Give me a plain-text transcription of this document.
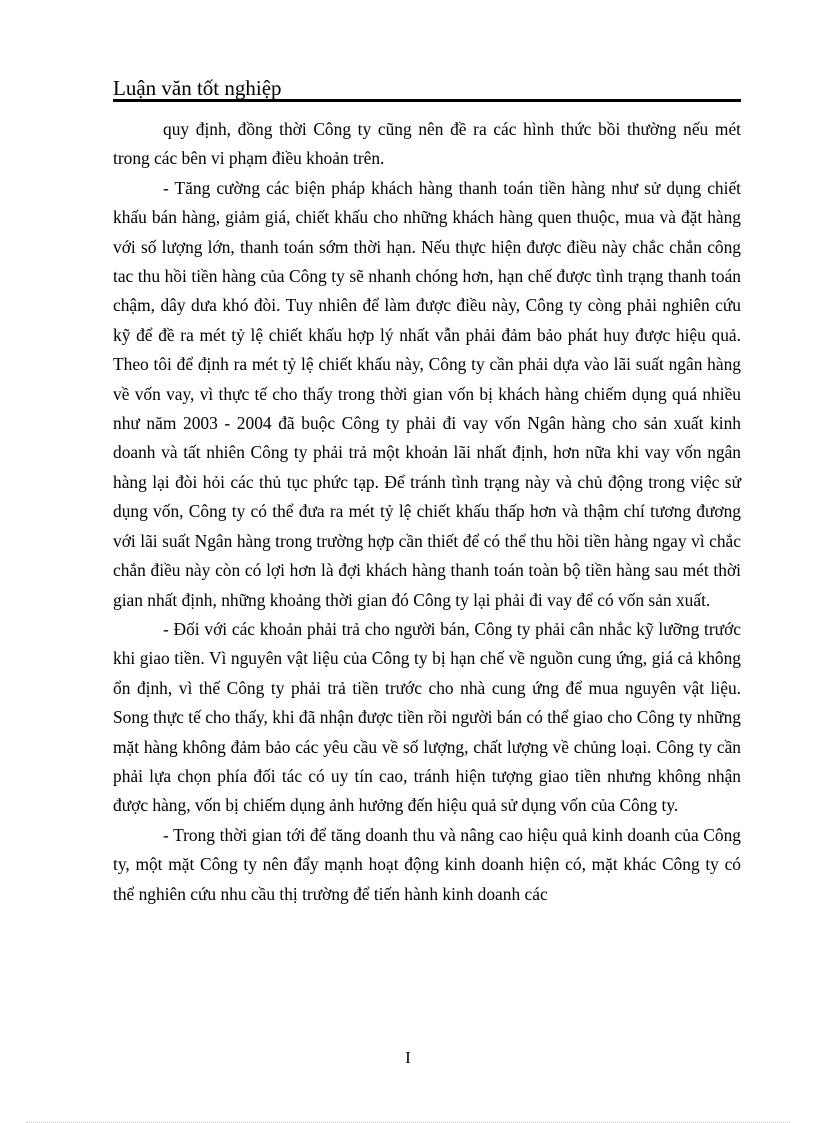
Luận văn tốt nghiệp

quy định, đồng thời Công ty cũng nên đề ra các hình thức bồi thường nếu mét trong các bên vi phạm điều khoản trên.

- Tăng cường các biện pháp khách hàng thanh toán tiền hàng như sử dụng chiết khấu bán hàng, giảm giá, chiết khấu cho những khách hàng quen thuộc, mua và đặt hàng với số lượng lớn, thanh toán sớm thời hạn. Nếu thực hiện được điều này chắc chắn công tac thu hồi tiền hàng của Công ty sẽ nhanh chóng hơn, hạn chế được tình trạng thanh toán chậm, dây dưa khó đòi. Tuy nhiên để làm được điều này, Công ty còng phải nghiên cứu kỹ để đề ra mét tỷ lệ chiết khấu hợp lý nhất vẫn phải đảm bảo phát huy được hiệu quả. Theo tôi để định ra mét tỷ lệ chiết khấu này, Công ty cần phải dựa vào lãi suất ngân hàng về vốn vay, vì thực tế cho thấy trong thời gian vốn bị khách hàng chiếm dụng quá nhiều như năm 2003 - 2004 đã buộc Công ty phải đi vay vốn Ngân hàng cho sản xuất kinh doanh và tất nhiên Công ty phải trả một khoản lãi nhất định, hơn nữa khi vay vốn ngân hàng lại đòi hỏi các thủ tục phức tạp. Để tránh tình trạng này và chủ động trong việc sử dụng vốn, Công ty có thể đưa ra mét tỷ lệ chiết khấu thấp hơn và thậm chí tương đương với lãi suất Ngân hàng trong trường hợp cần thiết để có thể thu hồi tiền hàng ngay vì chắc chắn điều này còn có lợi hơn là đợi khách hàng thanh toán toàn bộ tiền hàng sau mét thời gian nhất định, những khoảng thời gian đó Công ty lại phải đi vay để có vốn sản xuất.

- Đối với các khoản phải trả cho người bán, Công ty phải cân nhắc kỹ lưỡng trước khi giao tiền. Vì nguyên vật liệu của Công ty bị hạn chế về nguồn cung ứng, giá cả không ổn định, vì thế Công ty phải trả tiền trước cho nhà cung ứng để mua nguyên vật liệu. Song thực tế cho thấy, khi đã nhận được tiền rồi người bán có thể giao cho Công ty những mặt hàng không đảm bảo các yêu cầu về số lượng, chất lượng về chủng loại. Công ty cần phải lựa chọn phía đối tác có uy tín cao, tránh hiện tượng giao tiền nhưng không nhận được hàng, vốn bị chiếm dụng ảnh hưởng đến hiệu quả sử dụng vốn của Công ty.

- Trong thời gian tới để tăng doanh thu và nâng cao hiệu quả kinh doanh của Công ty, một mặt Công ty nên đẩy mạnh hoạt động kinh doanh hiện có, mặt khác Công ty có thể nghiên cứu nhu cầu thị trường để tiến hành kinh doanh các

I
